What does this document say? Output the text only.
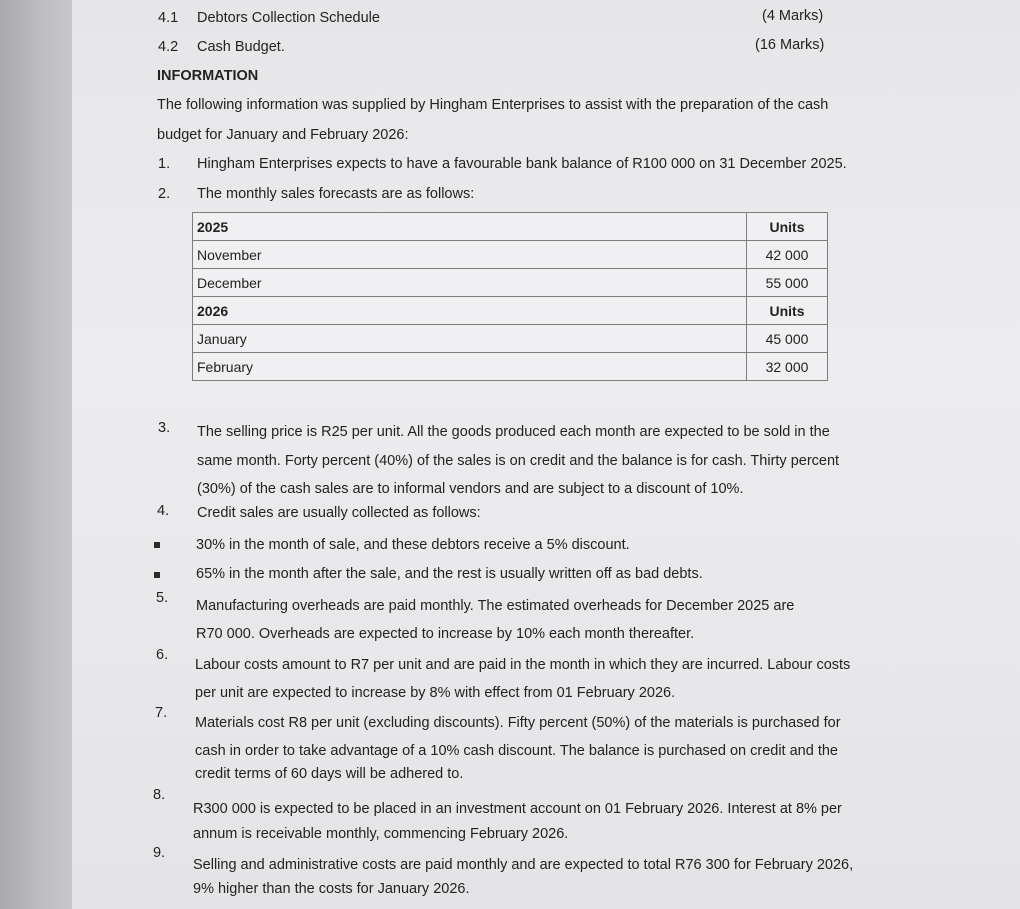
4.1 Debtors Collection Schedule	(4 Marks)
4.2 Cash Budget.	(16 Marks)
INFORMATION
The following information was supplied by Hingham Enterprises to assist with the preparation of the cash
budget for January and February 2026:
1. Hingham Enterprises expects to have a favourable bank balance of R100 000 on 31 December 2025.
2. The monthly sales forecasts are as follows:
2025	Units
November	42 000
December	55 000
2026	Units
January	45 000
February	32 000
3. The selling price is R25 per unit. All the goods produced each month are expected to be sold in the
same month. Forty percent (40%) of the sales is on credit and the balance is for cash. Thirty percent
(30%) of the cash sales are to informal vendors and are subject to a discount of 10%.
4. Credit sales are usually collected as follows:
30% in the month of sale, and these debtors receive a 5% discount.
65% in the month after the sale, and the rest is usually written off as bad debts.
5. Manufacturing overheads are paid monthly. The estimated overheads for December 2025 are
R70 000. Overheads are expected to increase by 10% each month thereafter.
6.
Labour costs amount to R7 per unit and are paid in the month in which they are incurred. Labour costs
per unit are expected to increase by 8% with effect from 01 February 2026.
7.
Materials cost R8 per unit (excluding discounts). Fifty percent (50%) of the materials is purchased for
cash in order to take advantage of a 10% cash discount. The balance is purchased on credit and the
credit terms of 60 days will be adhered to.
8.
R300 000 is expected to be placed in an investment account on 01 February 2026. Interest at 8% per
annum is receivable monthly, commencing February 2026.
9.
Selling and administrative costs are paid monthly and are expected to total R76 300 for February 2026,
9% higher than the costs for January 2026.
